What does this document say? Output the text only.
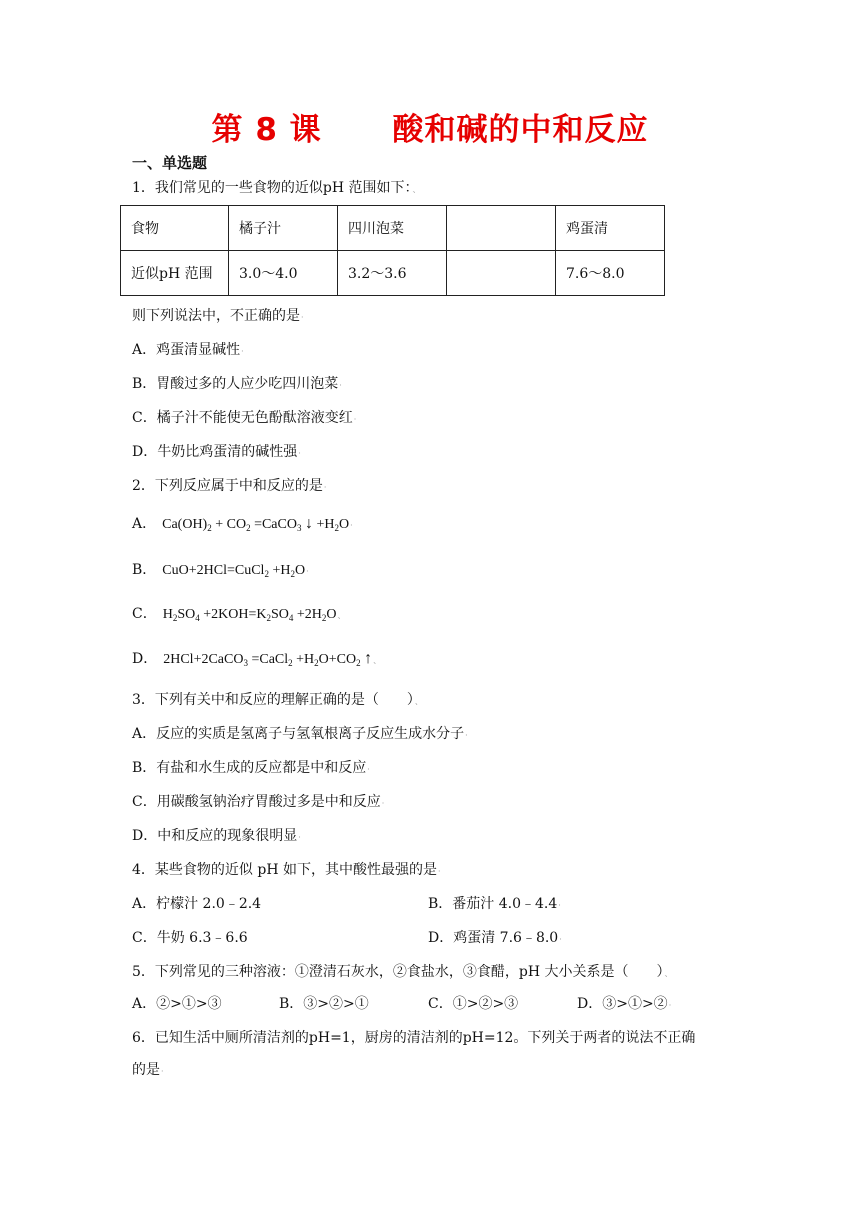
第 8 课      酸和碱的中和反应
一、单选题
1．我们常见的一些食物的近似pH 范围如下：、
食物	橘子汁	四川泡菜		鸡蛋清
近似pH 范围	3.0～4.0	3.2～3.6		7.6～8.0
则下列说法中，不正确的是·
A．鸡蛋清显碱性·
B．胃酸过多的人应少吃四川泡菜·
C．橘子汁不能使无色酚酞溶液变红·
D．牛奶比鸡蛋清的碱性强·
2．下列反应属于中和反应的是·
A． $Ca(OH)_2 + CO_2$ =CaCO$_3$ ↓ $+H_2O\cdot$
B． CuO+2HCl=CuCl$_2$ $+H_2O\cdot$
C． $H_2SO_4 +2KOH=K_2SO_4 +2H_2O$、
D． 2HCl+2CaCO$_3$ =CaCl$_2$ $+H_2O+CO_2$ ↑、
3．下列有关中和反应的理解正确的是（　　）、
A．反应的实质是氢离子与氢氧根离子反应生成水分子·
B．有盐和水生成的反应都是中和反应·
C．用碳酸氢钠治疗胃酸过多是中和反应·
D．中和反应的现象很明显·
4．某些食物的近似 pH 如下，其中酸性最强的是·
A．柠檬汁 2.0﹣2.4	B．番茄汁 4.0﹣4.4·
C．牛奶 6.3﹣6.6	D．鸡蛋清 7.6﹣8.0·
5．下列常见的三种溶液：①澄清石灰水，②食盐水，③食醋，pH 大小关系是（　　）、
A．②>①>③	B．③>②>①	C．①>②>③	D．③>①>②·
6．已知生活中厕所清洁剂的pH=1，厨房的清洁剂的pH=12。下列关于两者的说法不正确
的是·
